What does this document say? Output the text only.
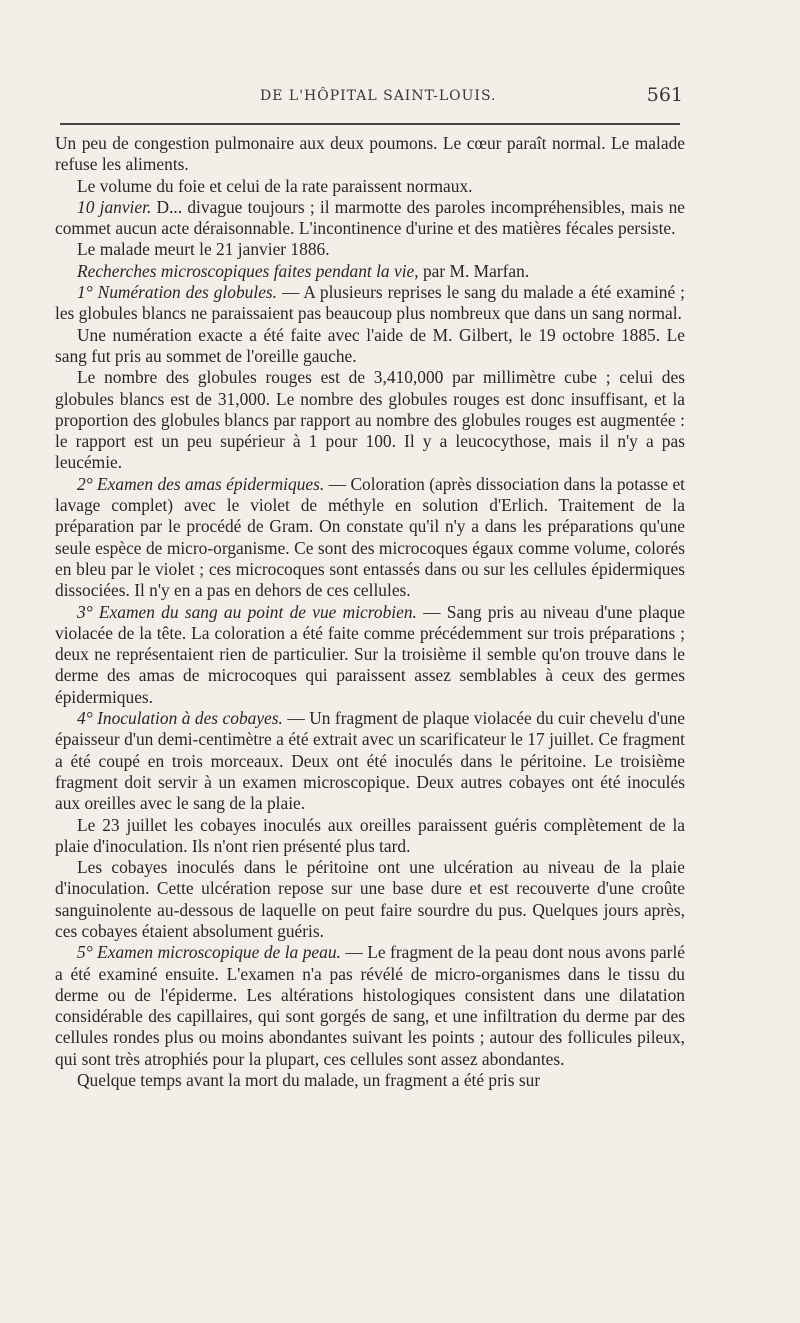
DE L'HÔPITAL SAINT-LOUIS.	561

Un peu de congestion pulmonaire aux deux poumons. Le cœur paraît normal. Le malade refuse les aliments.

Le volume du foie et celui de la rate paraissent normaux.

10 janvier. D... divague toujours ; il marmotte des paroles incompréhensibles, mais ne commet aucun acte déraisonnable. L'incontinence d'urine et des matières fécales persiste.

Le malade meurt le 21 janvier 1886.

Recherches microscopiques faites pendant la vie, par M. Marfan.

1° Numération des globules. — A plusieurs reprises le sang du malade a été examiné ; les globules blancs ne paraissaient pas beaucoup plus nombreux que dans un sang normal.

Une numération exacte a été faite avec l'aide de M. Gilbert, le 19 octobre 1885. Le sang fut pris au sommet de l'oreille gauche.

Le nombre des globules rouges est de 3,410,000 par millimètre cube ; celui des globules blancs est de 31,000. Le nombre des globules rouges est donc insuffisant, et la proportion des globules blancs par rapport au nombre des globules rouges est augmentée : le rapport est un peu supérieur à 1 pour 100. Il y a leucocythose, mais il n'y a pas leucémie.

2° Examen des amas épidermiques. — Coloration (après dissociation dans la potasse et lavage complet) avec le violet de méthyle en solution d'Erlich. Traitement de la préparation par le procédé de Gram. On constate qu'il n'y a dans les préparations qu'une seule espèce de micro-organisme. Ce sont des microcoques égaux comme volume, colorés en bleu par le violet ; ces microcoques sont entassés dans ou sur les cellules épidermiques dissociées. Il n'y en a pas en dehors de ces cellules.

3° Examen du sang au point de vue microbien. — Sang pris au niveau d'une plaque violacée de la tête. La coloration a été faite comme précédemment sur trois préparations ; deux ne représentaient rien de particulier. Sur la troisième il semble qu'on trouve dans le derme des amas de microcoques qui paraissent assez semblables à ceux des germes épidermiques.

4° Inoculation à des cobayes. — Un fragment de plaque violacée du cuir chevelu d'une épaisseur d'un demi-centimètre a été extrait avec un scarificateur le 17 juillet. Ce fragment a été coupé en trois morceaux. Deux ont été inoculés dans le péritoine. Le troisième fragment doit servir à un examen microscopique. Deux autres cobayes ont été inoculés aux oreilles avec le sang de la plaie.

Le 23 juillet les cobayes inoculés aux oreilles paraissent guéris complètement de la plaie d'inoculation. Ils n'ont rien présenté plus tard.

Les cobayes inoculés dans le péritoine ont une ulcération au niveau de la plaie d'inoculation. Cette ulcération repose sur une base dure et est recouverte d'une croûte sanguinolente au-dessous de laquelle on peut faire sourdre du pus. Quelques jours après, ces cobayes étaient absolument guéris.

5° Examen microscopique de la peau. — Le fragment de la peau dont nous avons parlé a été examiné ensuite. L'examen n'a pas révélé de micro-organismes dans le tissu du derme ou de l'épiderme. Les altérations histologiques consistent dans une dilatation considérable des capillaires, qui sont gorgés de sang, et une infiltration du derme par des cellules rondes plus ou moins abondantes suivant les points ; autour des follicules pileux, qui sont très atrophiés pour la plupart, ces cellules sont assez abondantes.

Quelque temps avant la mort du malade, un fragment a été pris sur
